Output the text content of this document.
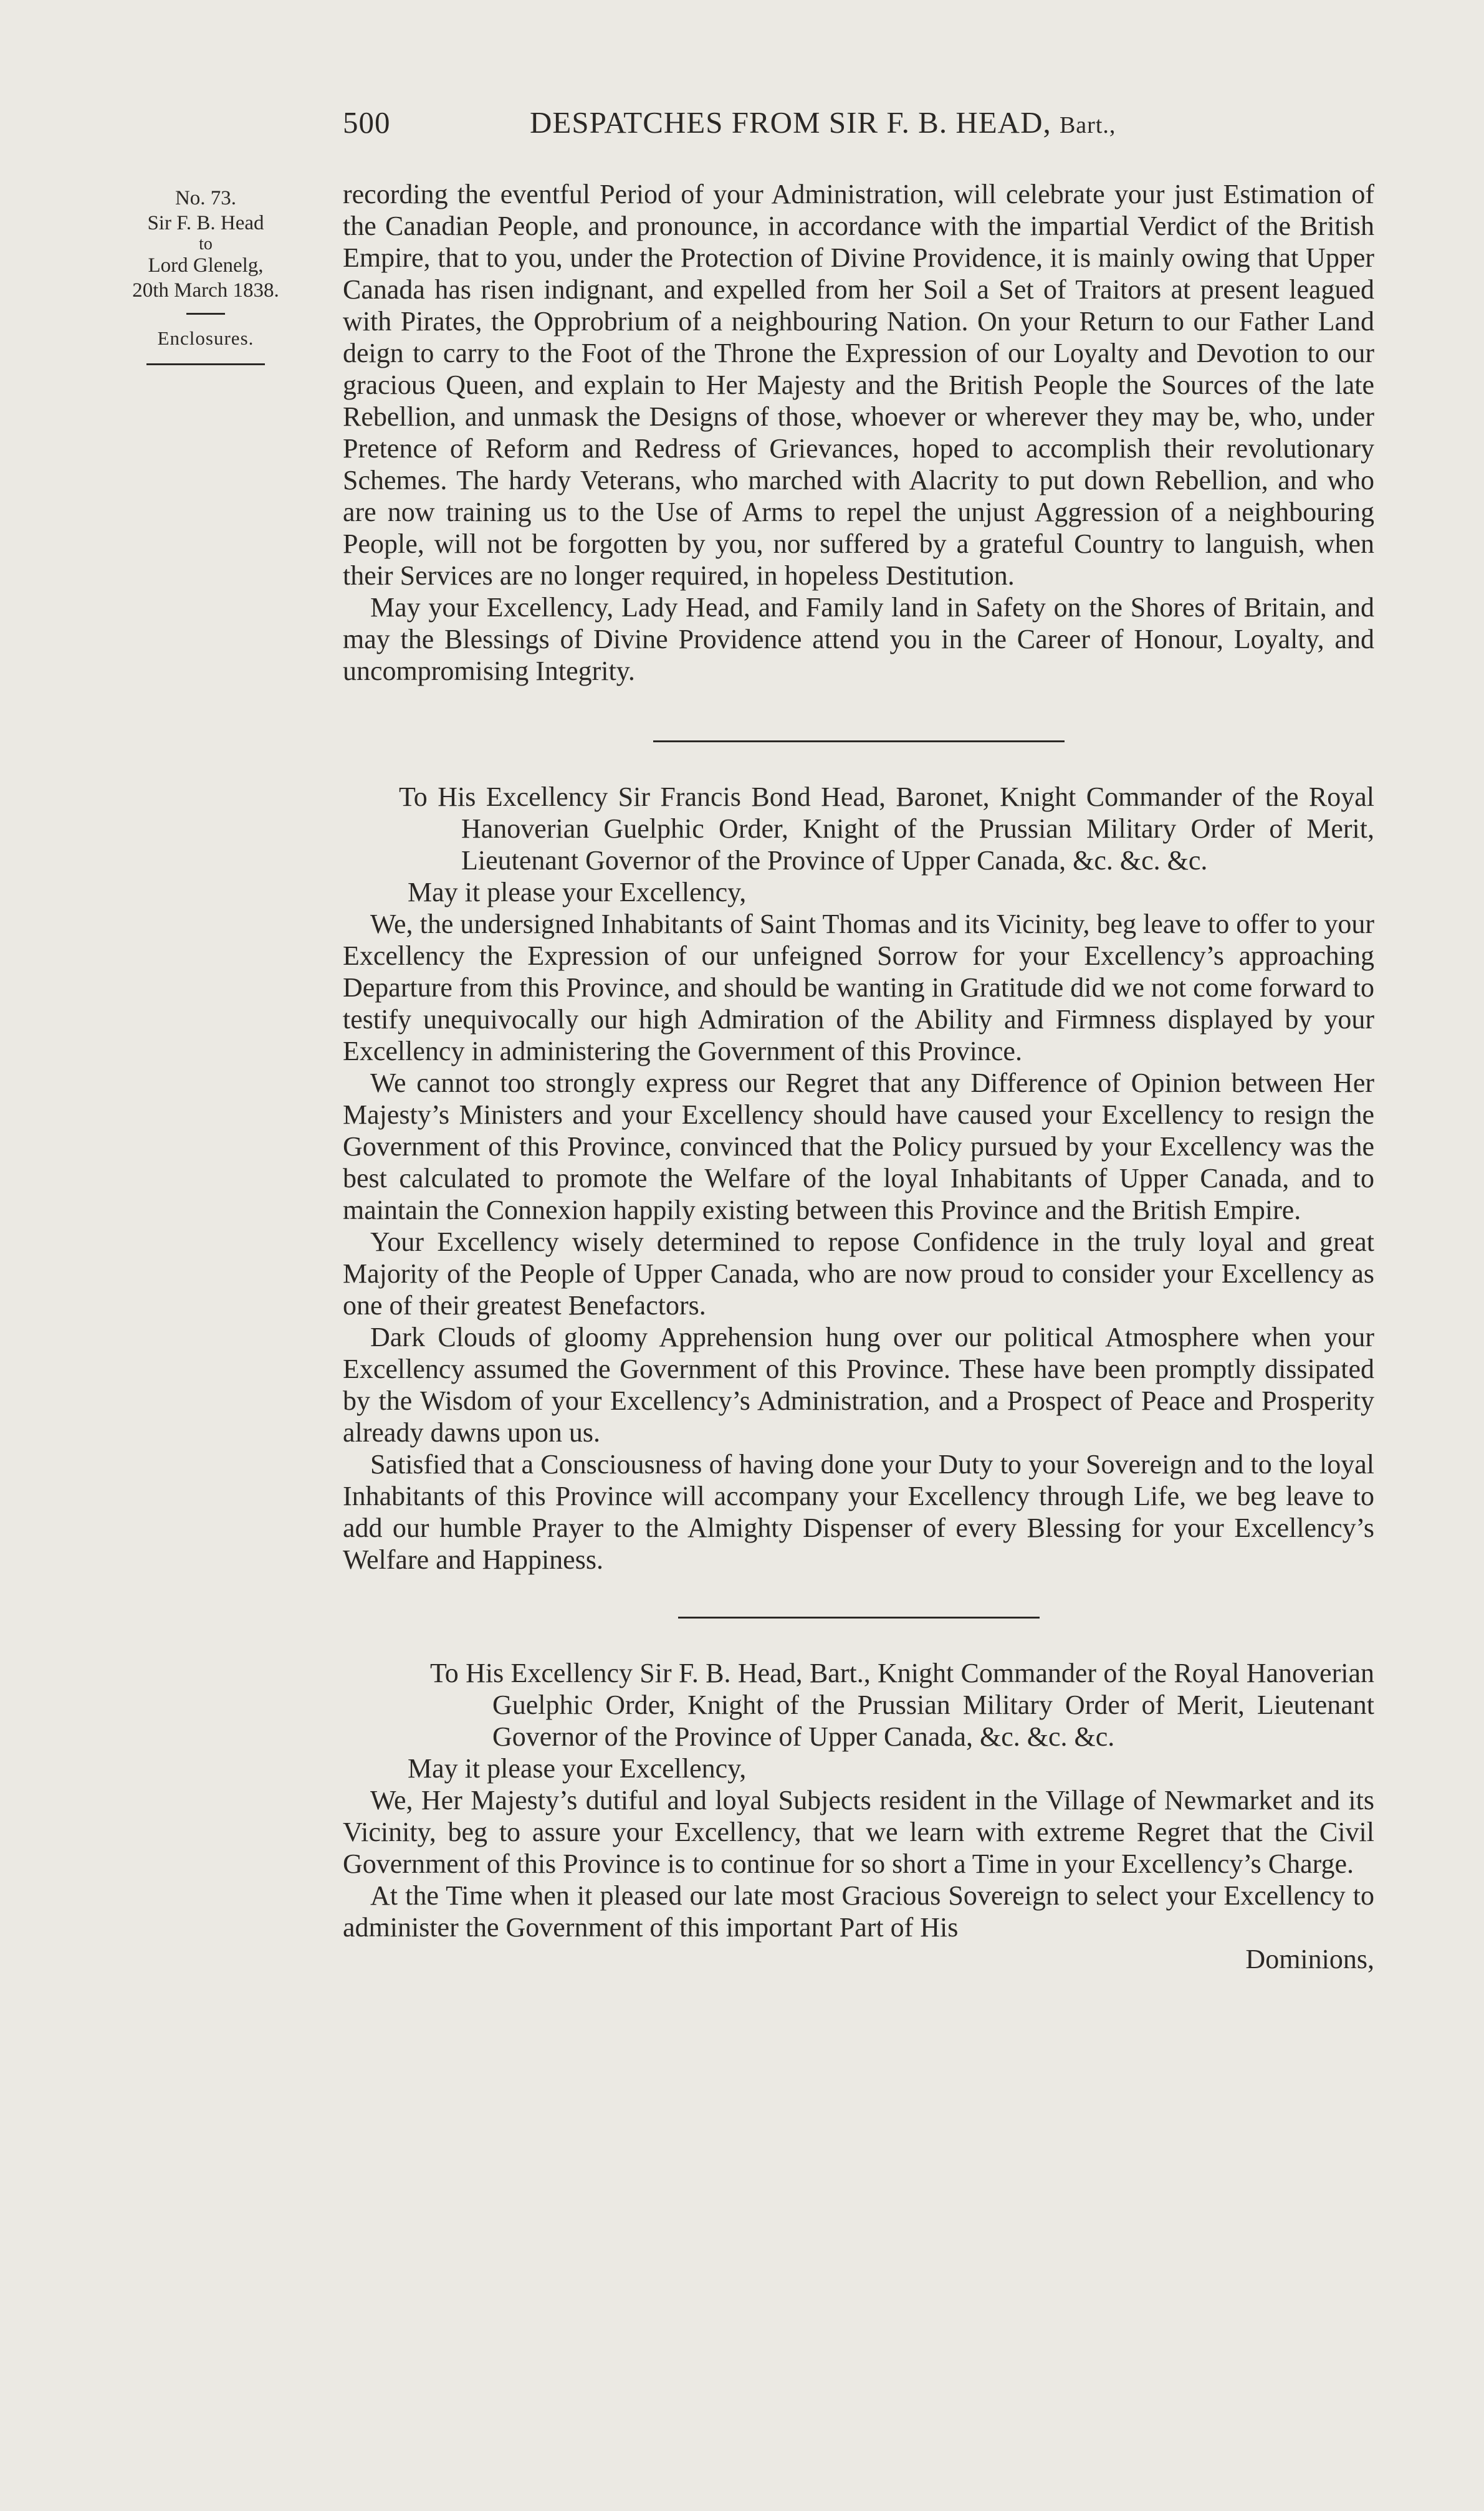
500	DESPATCHES FROM SIR F. B. HEAD, Bart.,
No. 73.
Sir F. B. Head
to
Lord Glenelg,
20th March 1838.
Enclosures.

recording the eventful Period of your Administration, will celebrate your just Estimation of the Canadian People, and pronounce, in accordance with the impartial Verdict of the British Empire, that to you, under the Protection of Divine Providence, it is mainly owing that Upper Canada has risen indignant, and expelled from her Soil a Set of Traitors at present leagued with Pirates, the Opprobrium of a neighbouring Nation. On your Return to our Father Land deign to carry to the Foot of the Throne the Expression of our Loyalty and Devotion to our gracious Queen, and explain to Her Majesty and the British People the Sources of the late Rebellion, and unmask the Designs of those, whoever or wherever they may be, who, under Pretence of Reform and Redress of Grievances, hoped to accomplish their revolutionary Schemes. The hardy Veterans, who marched with Alacrity to put down Rebellion, and who are now training us to the Use of Arms to repel the unjust Aggression of a neighbouring People, will not be forgotten by you, nor suffered by a grateful Country to languish, when their Services are no longer required, in hopeless Destitution.

May your Excellency, Lady Head, and Family land in Safety on the Shores of Britain, and may the Blessings of Divine Providence attend you in the Career of Honour, Loyalty, and uncompromising Integrity.

To His Excellency Sir Francis Bond Head, Baronet, Knight Commander of the Royal Hanoverian Guelphic Order, Knight of the Prussian Military Order of Merit, Lieutenant Governor of the Province of Upper Canada, &c. &c. &c.

May it please your Excellency,

We, the undersigned Inhabitants of Saint Thomas and its Vicinity, beg leave to offer to your Excellency the Expression of our unfeigned Sorrow for your Excellency’s approaching Departure from this Province, and should be wanting in Gratitude did we not come forward to testify unequivocally our high Admiration of the Ability and Firmness displayed by your Excellency in administering the Government of this Province.

We cannot too strongly express our Regret that any Difference of Opinion between Her Majesty’s Ministers and your Excellency should have caused your Excellency to resign the Government of this Province, convinced that the Policy pursued by your Excellency was the best calculated to promote the Welfare of the loyal Inhabitants of Upper Canada, and to maintain the Connexion happily existing between this Province and the British Empire.

Your Excellency wisely determined to repose Confidence in the truly loyal and great Majority of the People of Upper Canada, who are now proud to consider your Excellency as one of their greatest Benefactors.

Dark Clouds of gloomy Apprehension hung over our political Atmosphere when your Excellency assumed the Government of this Province. These have been promptly dissipated by the Wisdom of your Excellency’s Administration, and a Prospect of Peace and Prosperity already dawns upon us.

Satisfied that a Consciousness of having done your Duty to your Sovereign and to the loyal Inhabitants of this Province will accompany your Excellency through Life, we beg leave to add our humble Prayer to the Almighty Dispenser of every Blessing for your Excellency’s Welfare and Happiness.

To His Excellency Sir F. B. Head, Bart., Knight Commander of the Royal Hanoverian Guelphic Order, Knight of the Prussian Military Order of Merit, Lieutenant Governor of the Province of Upper Canada, &c. &c. &c.

May it please your Excellency,

We, Her Majesty’s dutiful and loyal Subjects resident in the Village of Newmarket and its Vicinity, beg to assure your Excellency, that we learn with extreme Regret that the Civil Government of this Province is to continue for so short a Time in your Excellency’s Charge.

At the Time when it pleased our late most Gracious Sovereign to select your Excellency to administer the Government of this important Part of His

Dominions,
